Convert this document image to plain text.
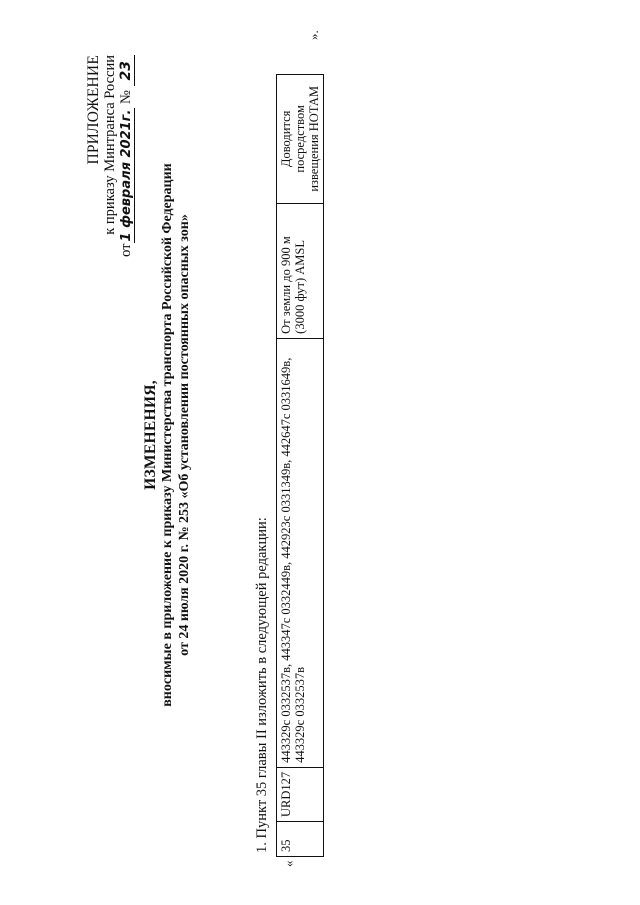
ПРИЛОЖЕНИЕ к приказу Минтранса России
от1 февраля 2021г. № 23
ИЗМЕНЕНИЯ, вносимые в приложение к приказу Министерства транспорта Российской Федерации от 24 июля 2020 г. № 253 «Об установлении постоянных опасных зон»
1. Пункт 35 главы II изложить в следующей редакции:
«
35	URD127	443329с 0332537в, 443347с 0332449в, 442923с 0331349в, 442647с 0331649в, 443329с 0332537в	От земли до 900 м (3000 фут) AMSL	Доводится посредством извещения НОТАМ
».
